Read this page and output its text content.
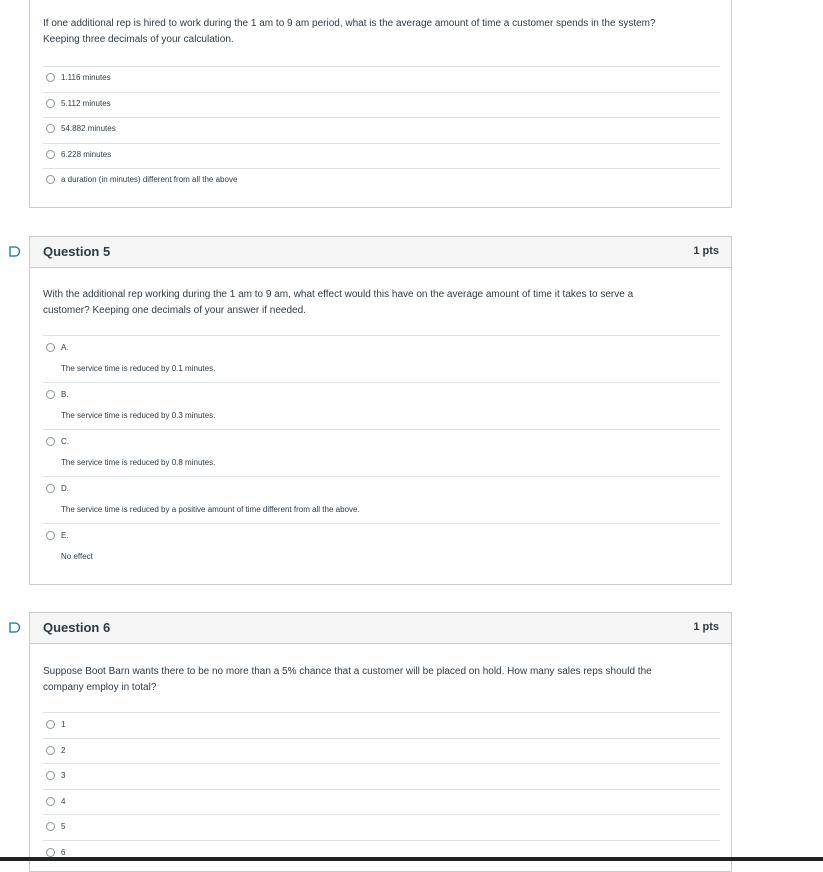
If one additional rep is hired to work during the 1 am to 9 am period, what is the average amount of time a customer spends in the system?
Keeping three decimals of your calculation.
1.116 minutes
5.112 minutes
54.882 minutes
6.228 minutes
a duration (in minutes) different from all the above
Question 5	1 pts
With the additional rep working during the 1 am to 9 am, what effect would this have on the average amount of time it takes to serve a
customer? Keeping one decimals of your answer if needed.
A.
The service time is reduced by 0.1 minutes.
B.
The service time is reduced by 0.3 minutes.
C.
The service time is reduced by 0.8 minutes.
D.
The service time is reduced by a positive amount of time different from all the above.
E.
No effect
Question 6	1 pts
Suppose Boot Barn wants there to be no more than a 5% chance that a customer will be placed on hold. How many sales reps should the
company employ in total?
1
2
3
4
5
6
